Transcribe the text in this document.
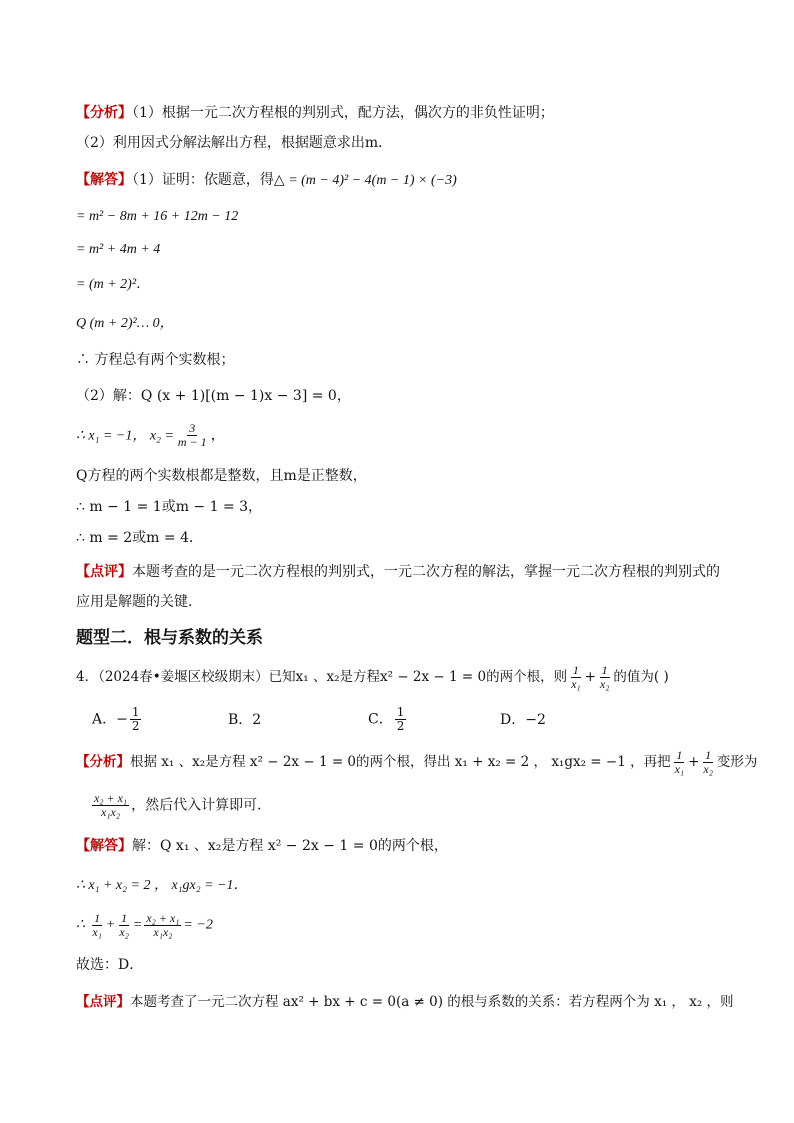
【分析】（1）根据一元二次方程根的判别式，配方法，偶次方的非负性证明；
（2）利用因式分解法解出方程，根据题意求出m．
【解答】（1）证明：依题意，得△ = (m − 4)² − 4(m − 1) × (−3)
= m² − 8m + 16 + 12m − 12
= m² + 4m + 4
= (m + 2)²．
Q (m + 2)²… 0，
∴ 方程总有两个实数根；
（2）解：Q (x + 1)[(m − 1)x − 3] = 0，
∴ x₁ = −1， $x_2 = \frac{3}{m - 1}$ ，
Q方程的两个实数根都是整数，且m是正整数，
∴ m − 1 = 1或m − 1 = 3，
∴ m = 2或m = 4．
【点评】本题考查的是一元二次方程根的判别式，一元二次方程的解法，掌握一元二次方程根的判别式的
应用是解题的关键．
题型二．根与系数的关系
4．（2024春•姜堰区校级期末）已知x₁ 、x₂是方程x² − 2x − 1 = 0的两个根，则 $\frac{1}{\text{x₁}} + \frac{1}{\text{x₂}}$ 的值为( )
A．− $\frac{1}{2}$	B．2	C． $\frac{1}{2}$	D．−2
【分析】根据 x₁ 、x₂是方程 x² − 2x − 1 = 0的两个根，得出 x₁ + x₂ = 2 ， x₁gx₂ = −1 ，再把 $\frac{1}{\text{x₁}} + \frac{1}{\text{x₂}}$ 变形为
$\frac{\text{x₂ + x₁}}{\text{x₁x₂}}$ ，然后代入计算即可．
【解答】解：Q x₁ 、x₂是方程 x² − 2x − 1 = 0的两个根，
∴ x₁ + x₂ = 2 ， x₁gx₂ = −1．
∴ $\frac{1}{\text{x₁}} + \frac{1}{\text{x₂}} = \frac{\text{x₂ + x₁}}{\text{x₁x₂}} = -2$
故选：D．
【点评】本题考查了一元二次方程 ax² + bx + c = 0(a ≠ 0) 的根与系数的关系：若方程两个为 x₁ ， x₂ ，则
